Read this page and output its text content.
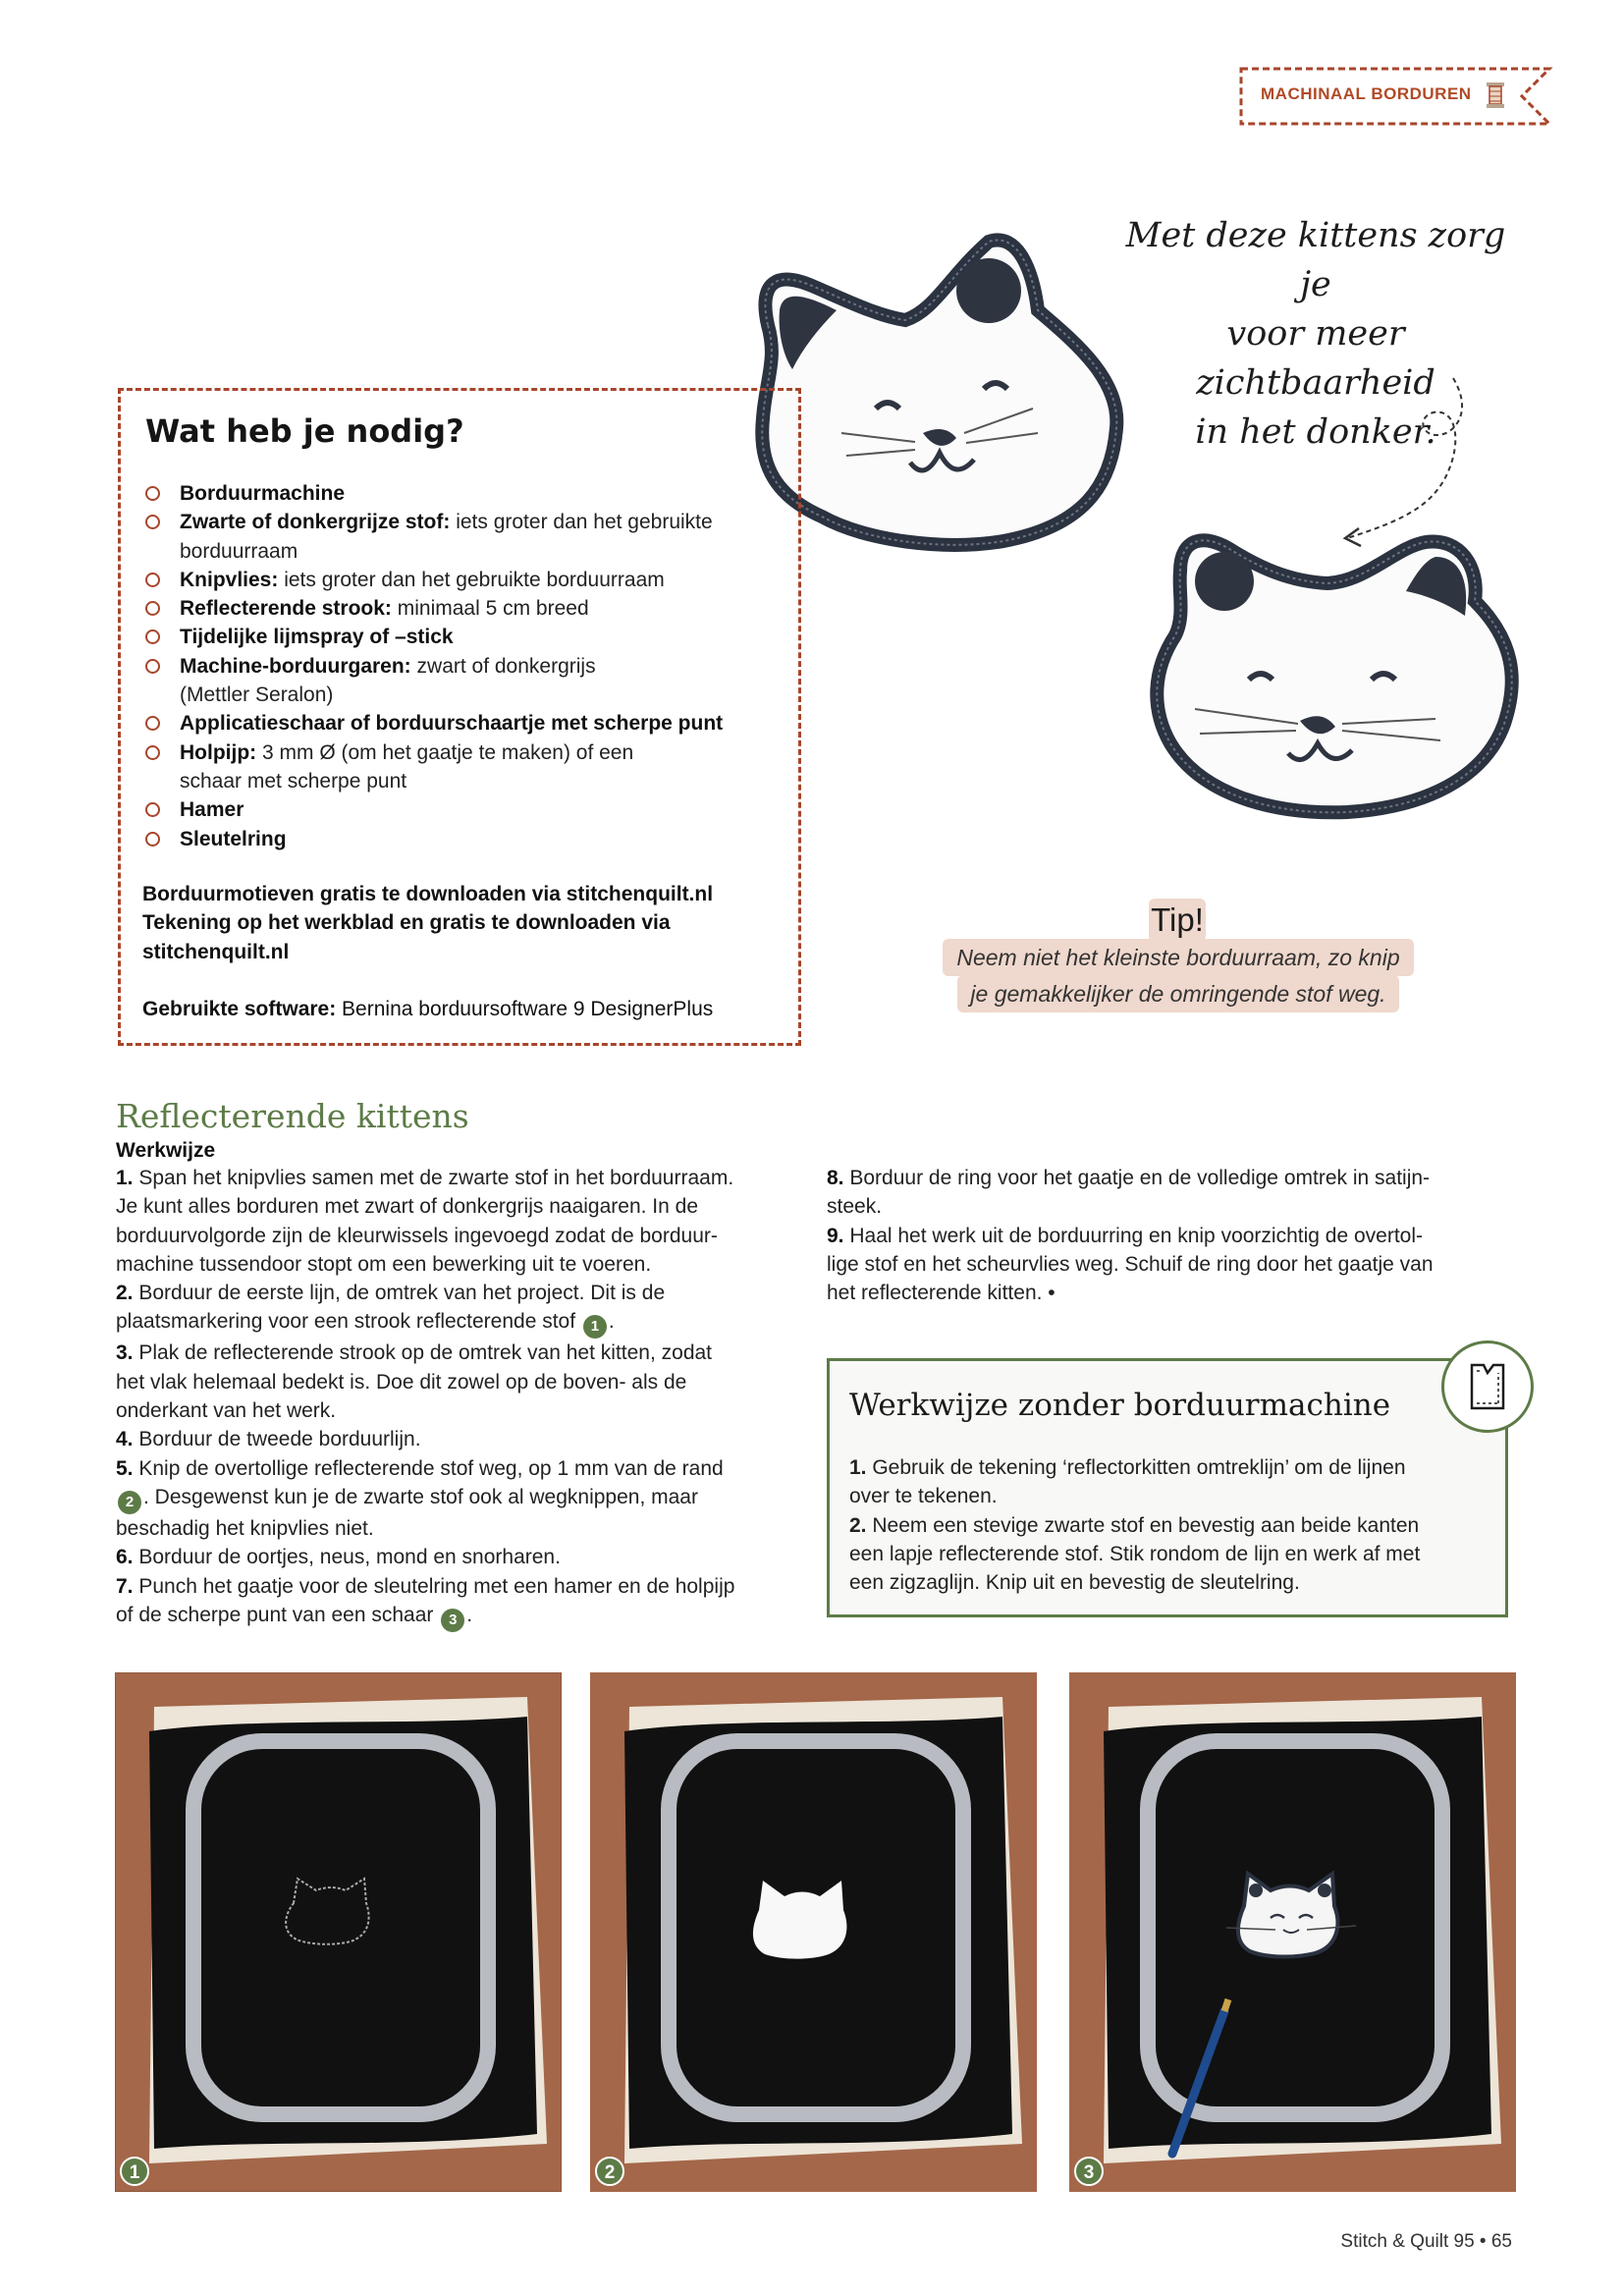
MACHINAAL BORDUREN
Met deze kittens zorg je
voor meer zichtbaarheid
in het donker.
Wat heb je nodig?
Borduurmachine
Zwarte of donkergrijze stof: iets groter dan het gebruikte
borduurraam
Knipvlies: iets groter dan het gebruikte borduurraam
Reflecterende strook: minimaal 5 cm breed
Tijdelijke lijmspray of –stick
Machine-borduurgaren: zwart of donkergrijs
(Mettler Seralon)
Applicatieschaar of borduurschaartje met scherpe punt
Holpijp: 3 mm Ø (om het gaatje te maken) of een
schaar met scherpe punt
Hamer
Sleutelring
Borduurmotieven gratis te downloaden via stitchenquilt.nl
Tekening op het werkblad en gratis te downloaden via
stitchenquilt.nl
Gebruikte software: Bernina borduursoftware 9 DesignerPlus
Tip!
Neem niet het kleinste borduurraam, zo knip
je gemakkelijker de omringende stof weg.
Reflecterende kittens
Werkwijze

1. Span het knipvlies samen met de zwarte stof in het borduurraam.

Je kunt alles borduren met zwart of donkergrijs naaigaren. In de

borduurvolgorde zijn de kleurwissels ingevoegd zodat de borduur-

machine tussendoor stopt om een bewerking uit te voeren.

2. Borduur de eerste lijn, de omtrek van het project. Dit is de

plaatsmarkering voor een strook reflecterende stof 1 .

3. Plak de reflecterende strook op de omtrek van het kitten, zodat

het vlak helemaal bedekt is. Doe dit zowel op de boven- als de

onderkant van het werk.

4. Borduur de tweede borduurlijn.

5. Knip de overtollige reflecterende stof weg, op 1 mm van de rand

2 . Desgewenst kun je de zwarte stof ook al wegknippen, maar

beschadig het knipvlies niet.

6. Borduur de oortjes, neus, mond en snorharen.

7. Punch het gaatje voor de sleutelring met een hamer en de holpijp

of de scherpe punt van een schaar 3 .

8. Borduur de ring voor het gaatje en de volledige omtrek in satijn-

steek.

9. Haal het werk uit de borduurring en knip voorzichtig de overtol-

lige stof en het scheurvlies weg. Schuif de ring door het gaatje van

het reflecterende kitten. •

Werkwijze zonder borduurmachine

1. Gebruik de tekening ‘reflectorkitten omtreklijn’ om de lijnen

over te tekenen.

2. Neem een stevige zwarte stof en bevestig aan beide kanten

een lapje reflecterende stof. Stik rondom de lijn en werk af met

een zigzaglijn. Knip uit en bevestig de sleutelring.

1	2	3
Stitch & Quilt 95 • 65
